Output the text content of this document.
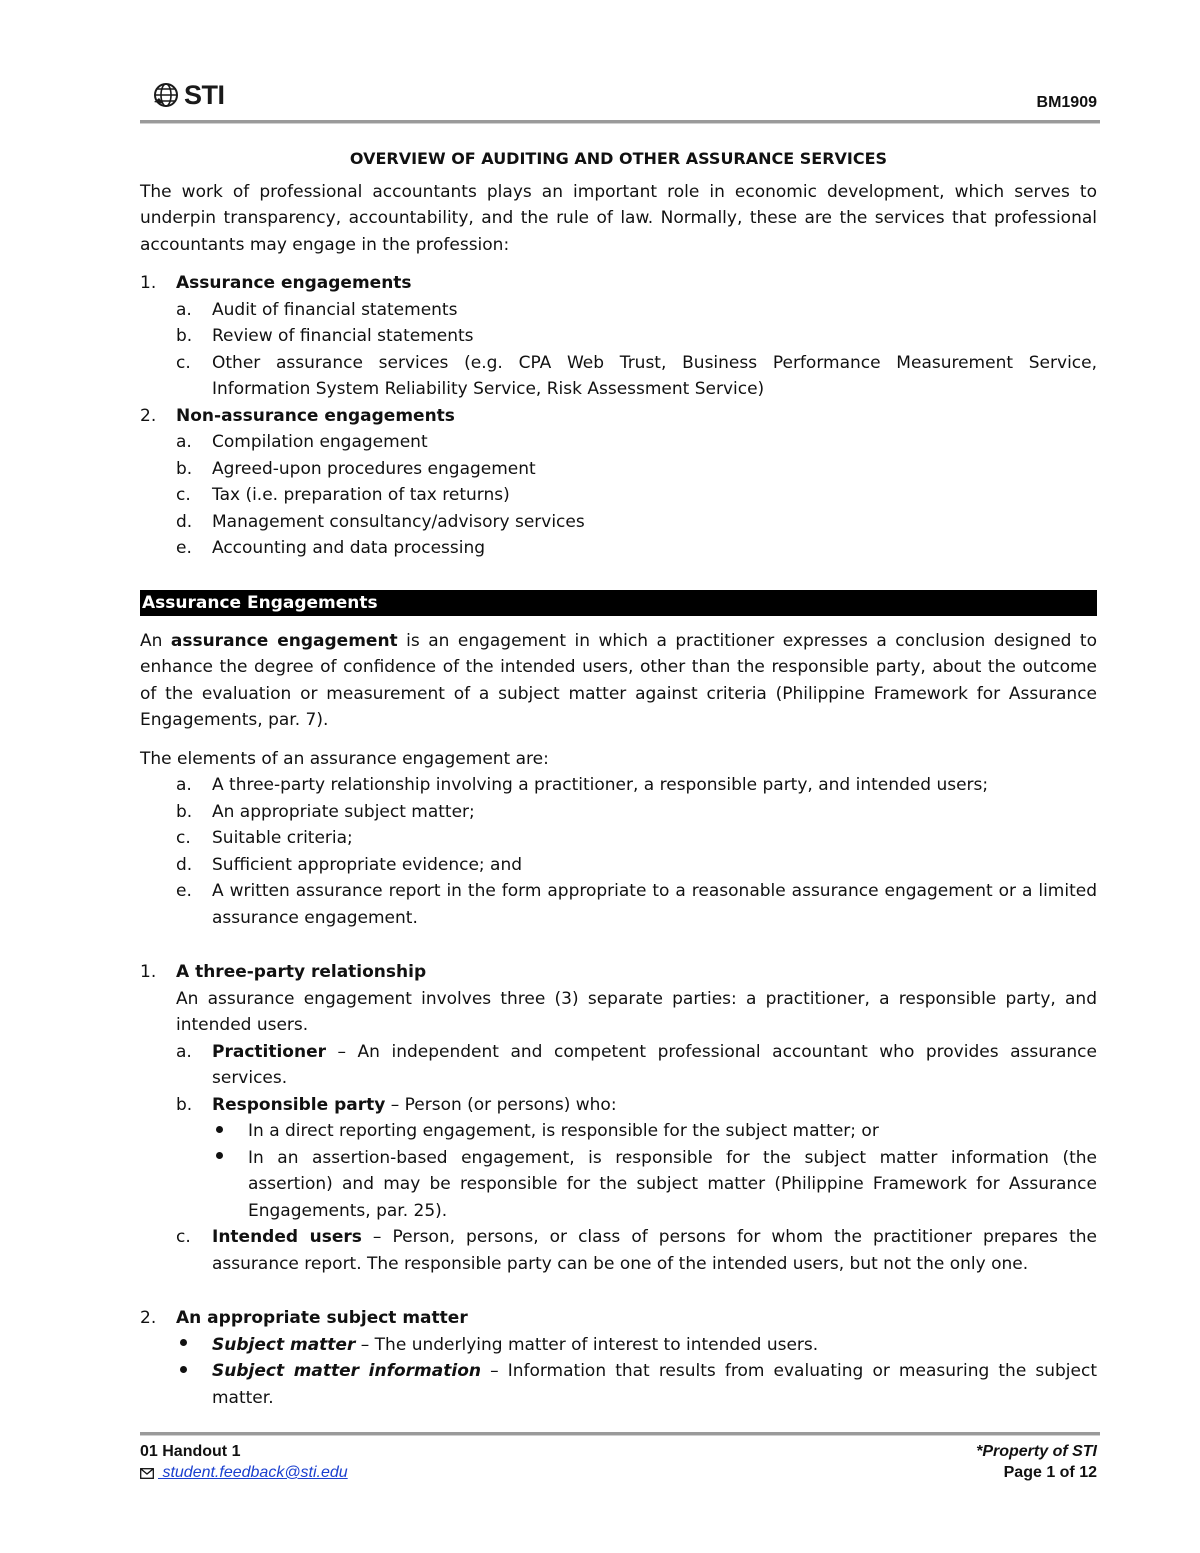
STI	BM1909
OVERVIEW OF AUDITING AND OTHER ASSURANCE SERVICES

The work of professional accountants plays an important role in economic development, which serves to underpin transparency, accountability, and the rule of law. Normally, these are the services that professional accountants may engage in the profession:

1.	Assurance engagements
a.	Audit of financial statements
b.	Review of financial statements
c.	Other assurance services (e.g. CPA Web Trust, Business Performance Measurement Service, Information System Reliability Service, Risk Assessment Service)
2.	Non-assurance engagements
a.	Compilation engagement
b.	Agreed-upon procedures engagement
c.	Tax (i.e. preparation of tax returns)
d.	Management consultancy/advisory services
e.	Accounting and data processing
Assurance Engagements

An assurance engagement is an engagement in which a practitioner expresses a conclusion designed to enhance the degree of confidence of the intended users, other than the responsible party, about the outcome of the evaluation or measurement of a subject matter against criteria (Philippine Framework for Assurance Engagements, par. 7).

The elements of an assurance engagement are:

a.	A three-party relationship involving a practitioner, a responsible party, and intended users;
b.	An appropriate subject matter;
c.	Suitable criteria;
d.	Sufficient appropriate evidence; and
e.	A written assurance report in the form appropriate to a reasonable assurance engagement or a limited assurance engagement.
1.	A three-party relationship
An assurance engagement involves three (3) separate parties: a practitioner, a responsible party, and intended users.
a.	Practitioner – An independent and competent professional accountant who provides assurance services.
b.	Responsible party – Person (or persons) who:
In a direct reporting engagement, is responsible for the subject matter; or
In an assertion-based engagement, is responsible for the subject matter information (the assertion) and may be responsible for the subject matter (Philippine Framework for Assurance Engagements, par. 25).
c.	Intended users – Person, persons, or class of persons for whom the practitioner prepares the assurance report. The responsible party can be one of the intended users, but not the only one.
2.	An appropriate subject matter
Subject matter – The underlying matter of interest to intended users.
Subject matter information – Information that results from evaluating or measuring the subject matter.
01 Handout 1
student.feedback@sti.edu
*Property of STI
Page 1 of 12
